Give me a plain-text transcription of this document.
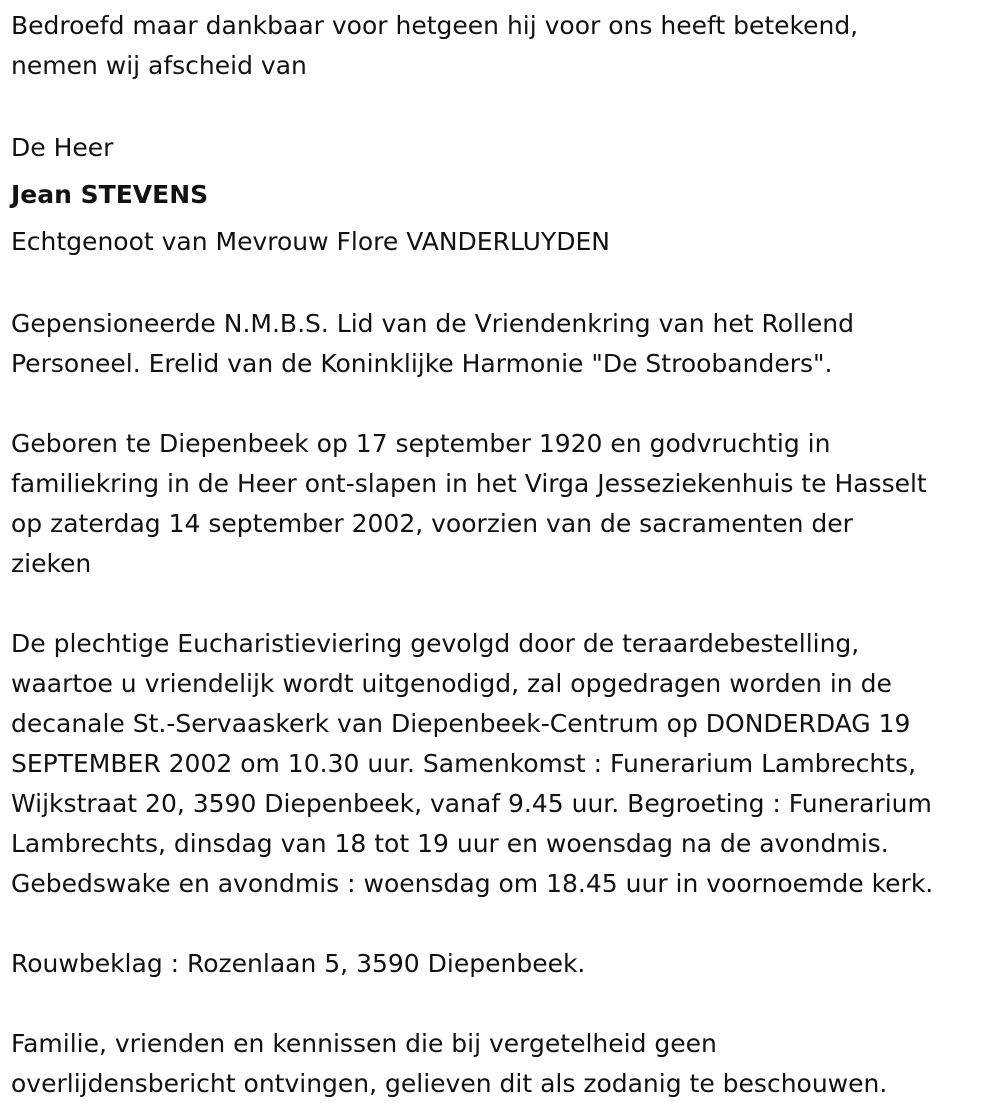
Bedroefd maar dankbaar voor hetgeen hij voor ons heeft betekend,

nemen wij afscheid van

De Heer

Jean STEVENS

Echtgenoot van Mevrouw Flore VANDERLUYDEN

Gepensioneerde N.M.B.S. Lid van de Vriendenkring van het Rollend

Personeel. Erelid van de Koninklijke Harmonie "De Stroobanders".

Geboren te Diepenbeek op 17 september 1920 en godvruchtig in

familiekring in de Heer ont-slapen in het Virga Jesseziekenhuis te Hasselt

op zaterdag 14 september 2002, voorzien van de sacramenten der

zieken

De plechtige Eucharistieviering gevolgd door de teraardebestelling,

waartoe u vriendelijk wordt uitgenodigd, zal opgedragen worden in de

decanale St.-Servaaskerk van Diepenbeek-Centrum op DONDERDAG 19

SEPTEMBER 2002 om 10.30 uur. Samenkomst : Funerarium Lambrechts,

Wijkstraat 20, 3590 Diepenbeek, vanaf 9.45 uur. Begroeting : Funerarium

Lambrechts, dinsdag van 18 tot 19 uur en woensdag na de avondmis.

Gebedswake en avondmis : woensdag om 18.45 uur in voornoemde kerk.

Rouwbeklag : Rozenlaan 5, 3590 Diepenbeek.

Familie, vrienden en kennissen die bij vergetelheid geen

overlijdensbericht ontvingen, gelieven dit als zodanig te beschouwen.
